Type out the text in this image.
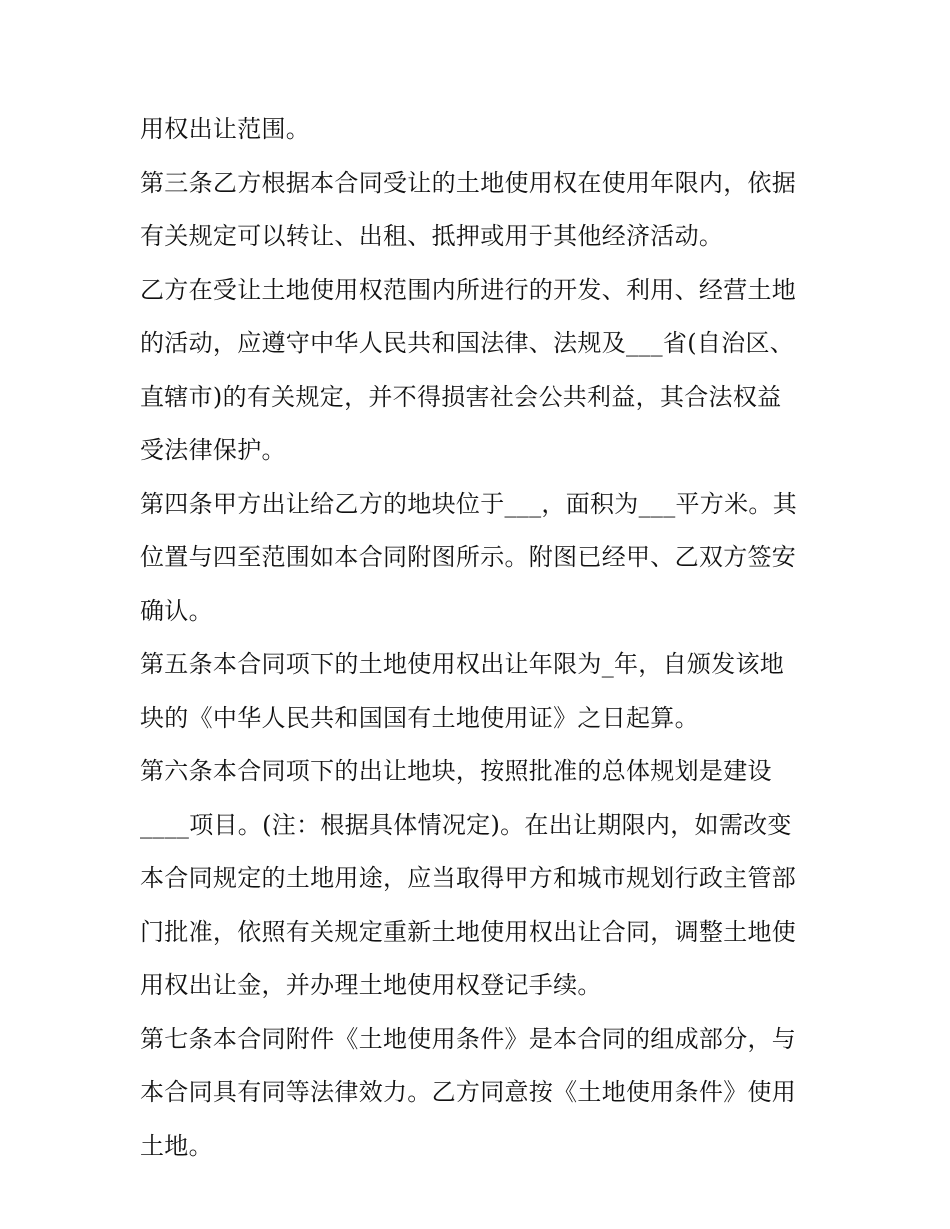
用权出让范围。
第三条乙方根据本合同受让的土地使用权在使用年限内，依据
有关规定可以转让、出租、抵押或用于其他经济活动。
乙方在受让土地使用权范围内所进行的开发、利用、经营土地
的活动，应遵守中华人民共和国法律、法规及___省(自治区、
直辖市)的有关规定，并不得损害社会公共利益，其合法权益
受法律保护。
第四条甲方出让给乙方的地块位于___，面积为___平方米。其
位置与四至范围如本合同附图所示。附图已经甲、乙双方签安
确认。
第五条本合同项下的土地使用权出让年限为_年，自颁发该地
块的《中华人民共和国国有土地使用证》之日起算。
第六条本合同项下的出让地块，按照批准的总体规划是建设
____项目。(注：根据具体情况定)。在出让期限内，如需改变
本合同规定的土地用途，应当取得甲方和城市规划行政主管部
门批准，依照有关规定重新土地使用权出让合同，调整土地使
用权出让金，并办理土地使用权登记手续。
第七条本合同附件《土地使用条件》是本合同的组成部分，与
本合同具有同等法律效力。乙方同意按《土地使用条件》使用
土地。
